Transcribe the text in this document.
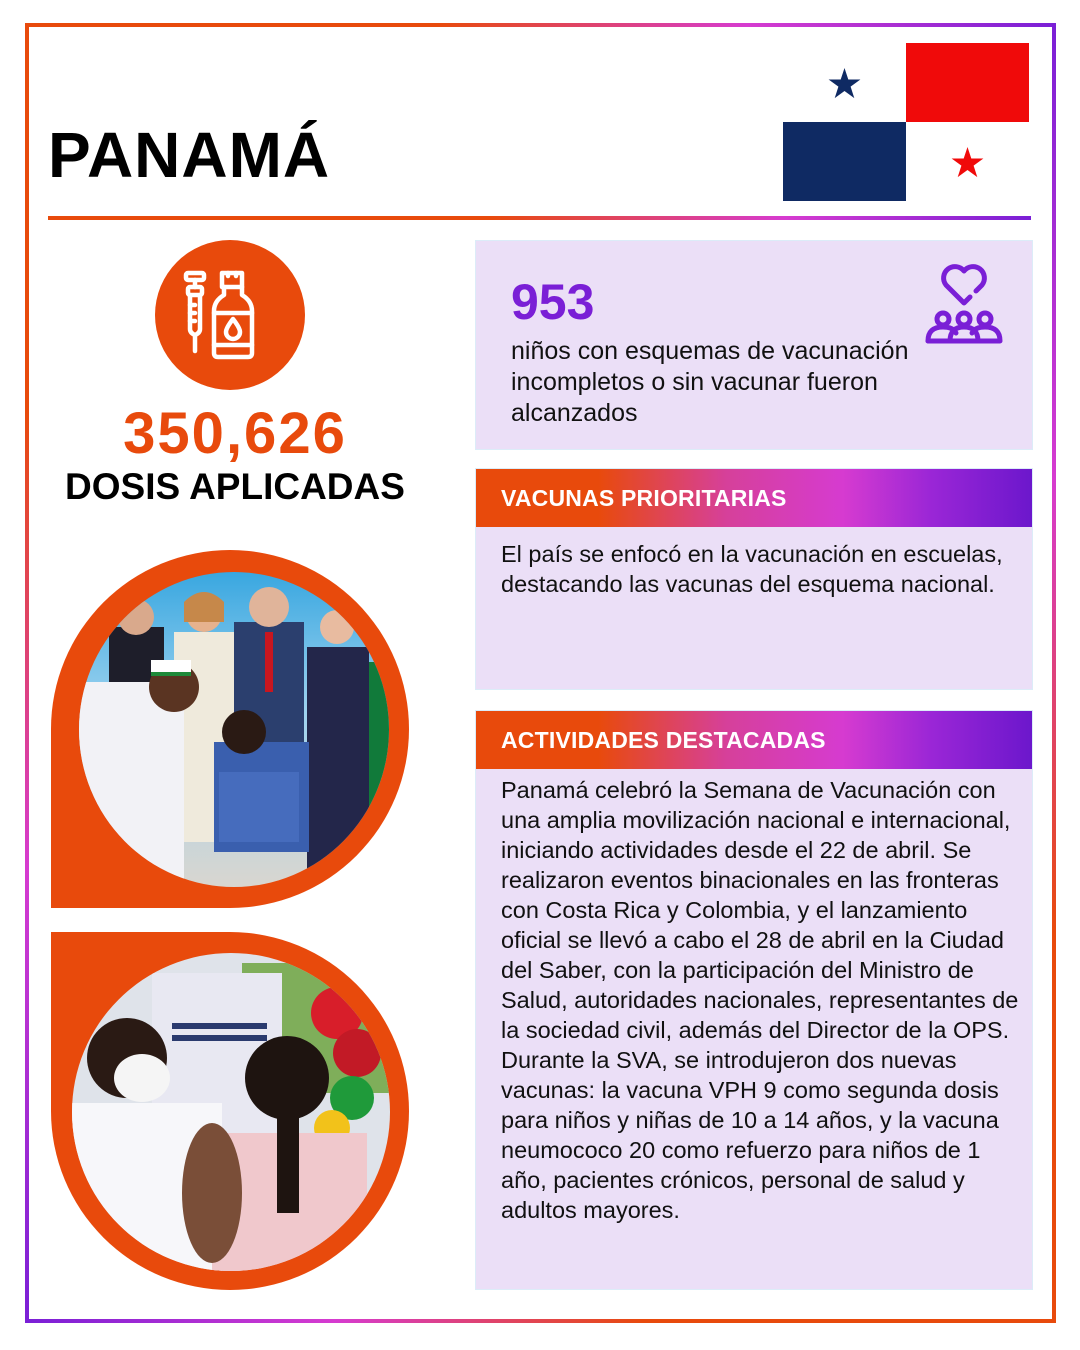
PANAMÁ
350,626
DOSIS APLICADAS
953
niños con esquemas de vacunación incompletos o sin vacunar fueron alcanzados
VACUNAS PRIORITARIAS
El país se enfocó en la vacunación en escuelas, destacando las vacunas del esquema nacional.
ACTIVIDADES DESTACADAS
Panamá celebró la Semana de Vacunación con una amplia movilización nacional e internacional, iniciando actividades desde el 22 de abril. Se realizaron eventos binacionales en las fronteras con Costa Rica y Colombia, y el lanzamiento oficial se llevó a cabo el 28 de abril en la Ciudad del Saber, con la participación del Ministro de Salud, autoridades nacionales, representantes de la sociedad civil, además del Director de la OPS. Durante la SVA, se introdujeron dos nuevas vacunas: la vacuna VPH 9 como segunda dosis para niños y niñas de 10 a 14 años, y la vacuna neumococo 20 como refuerzo para niños de 1 año, pacientes crónicos, personal de salud y adultos mayores.
